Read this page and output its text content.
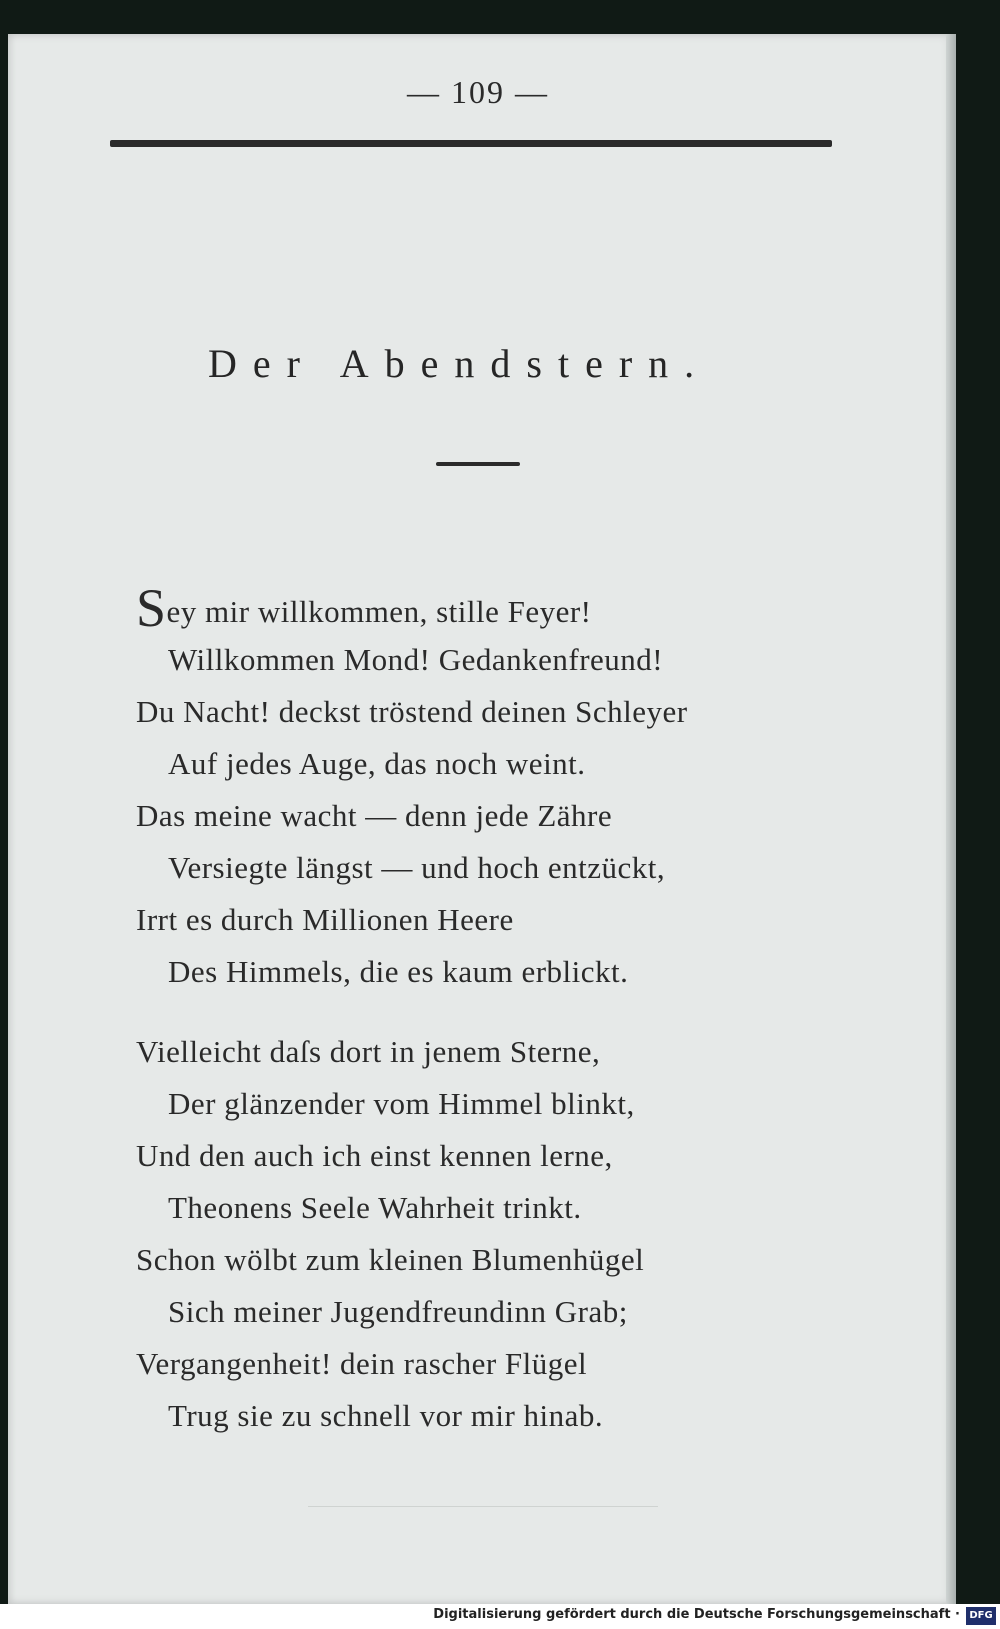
— 109 —
Der Abendstern.
Sey mir willkommen, stille Feyer!
Willkommen Mond! Gedankenfreund!
Du Nacht! deckst tröstend deinen Schleyer
Auf jedes Auge, das noch weint.
Das meine wacht — denn jede Zähre
Versiegte längst — und hoch entzückt,
Irrt es durch Millionen Heere
Des Himmels, die es kaum erblickt.
Vielleicht daſs dort in jenem Sterne,
Der glänzender vom Himmel blinkt,
Und den auch ich einst kennen lerne,
Theonens Seele Wahrheit trinkt.
Schon wölbt zum kleinen Blumenhügel
Sich meiner Jugendfreundinn Grab;
Vergangenheit! dein rascher Flügel
Trug sie zu schnell vor mir hinab.
Digitalisierung gefördert durch die Deutsche Forschungsgemeinschaft · DFG
